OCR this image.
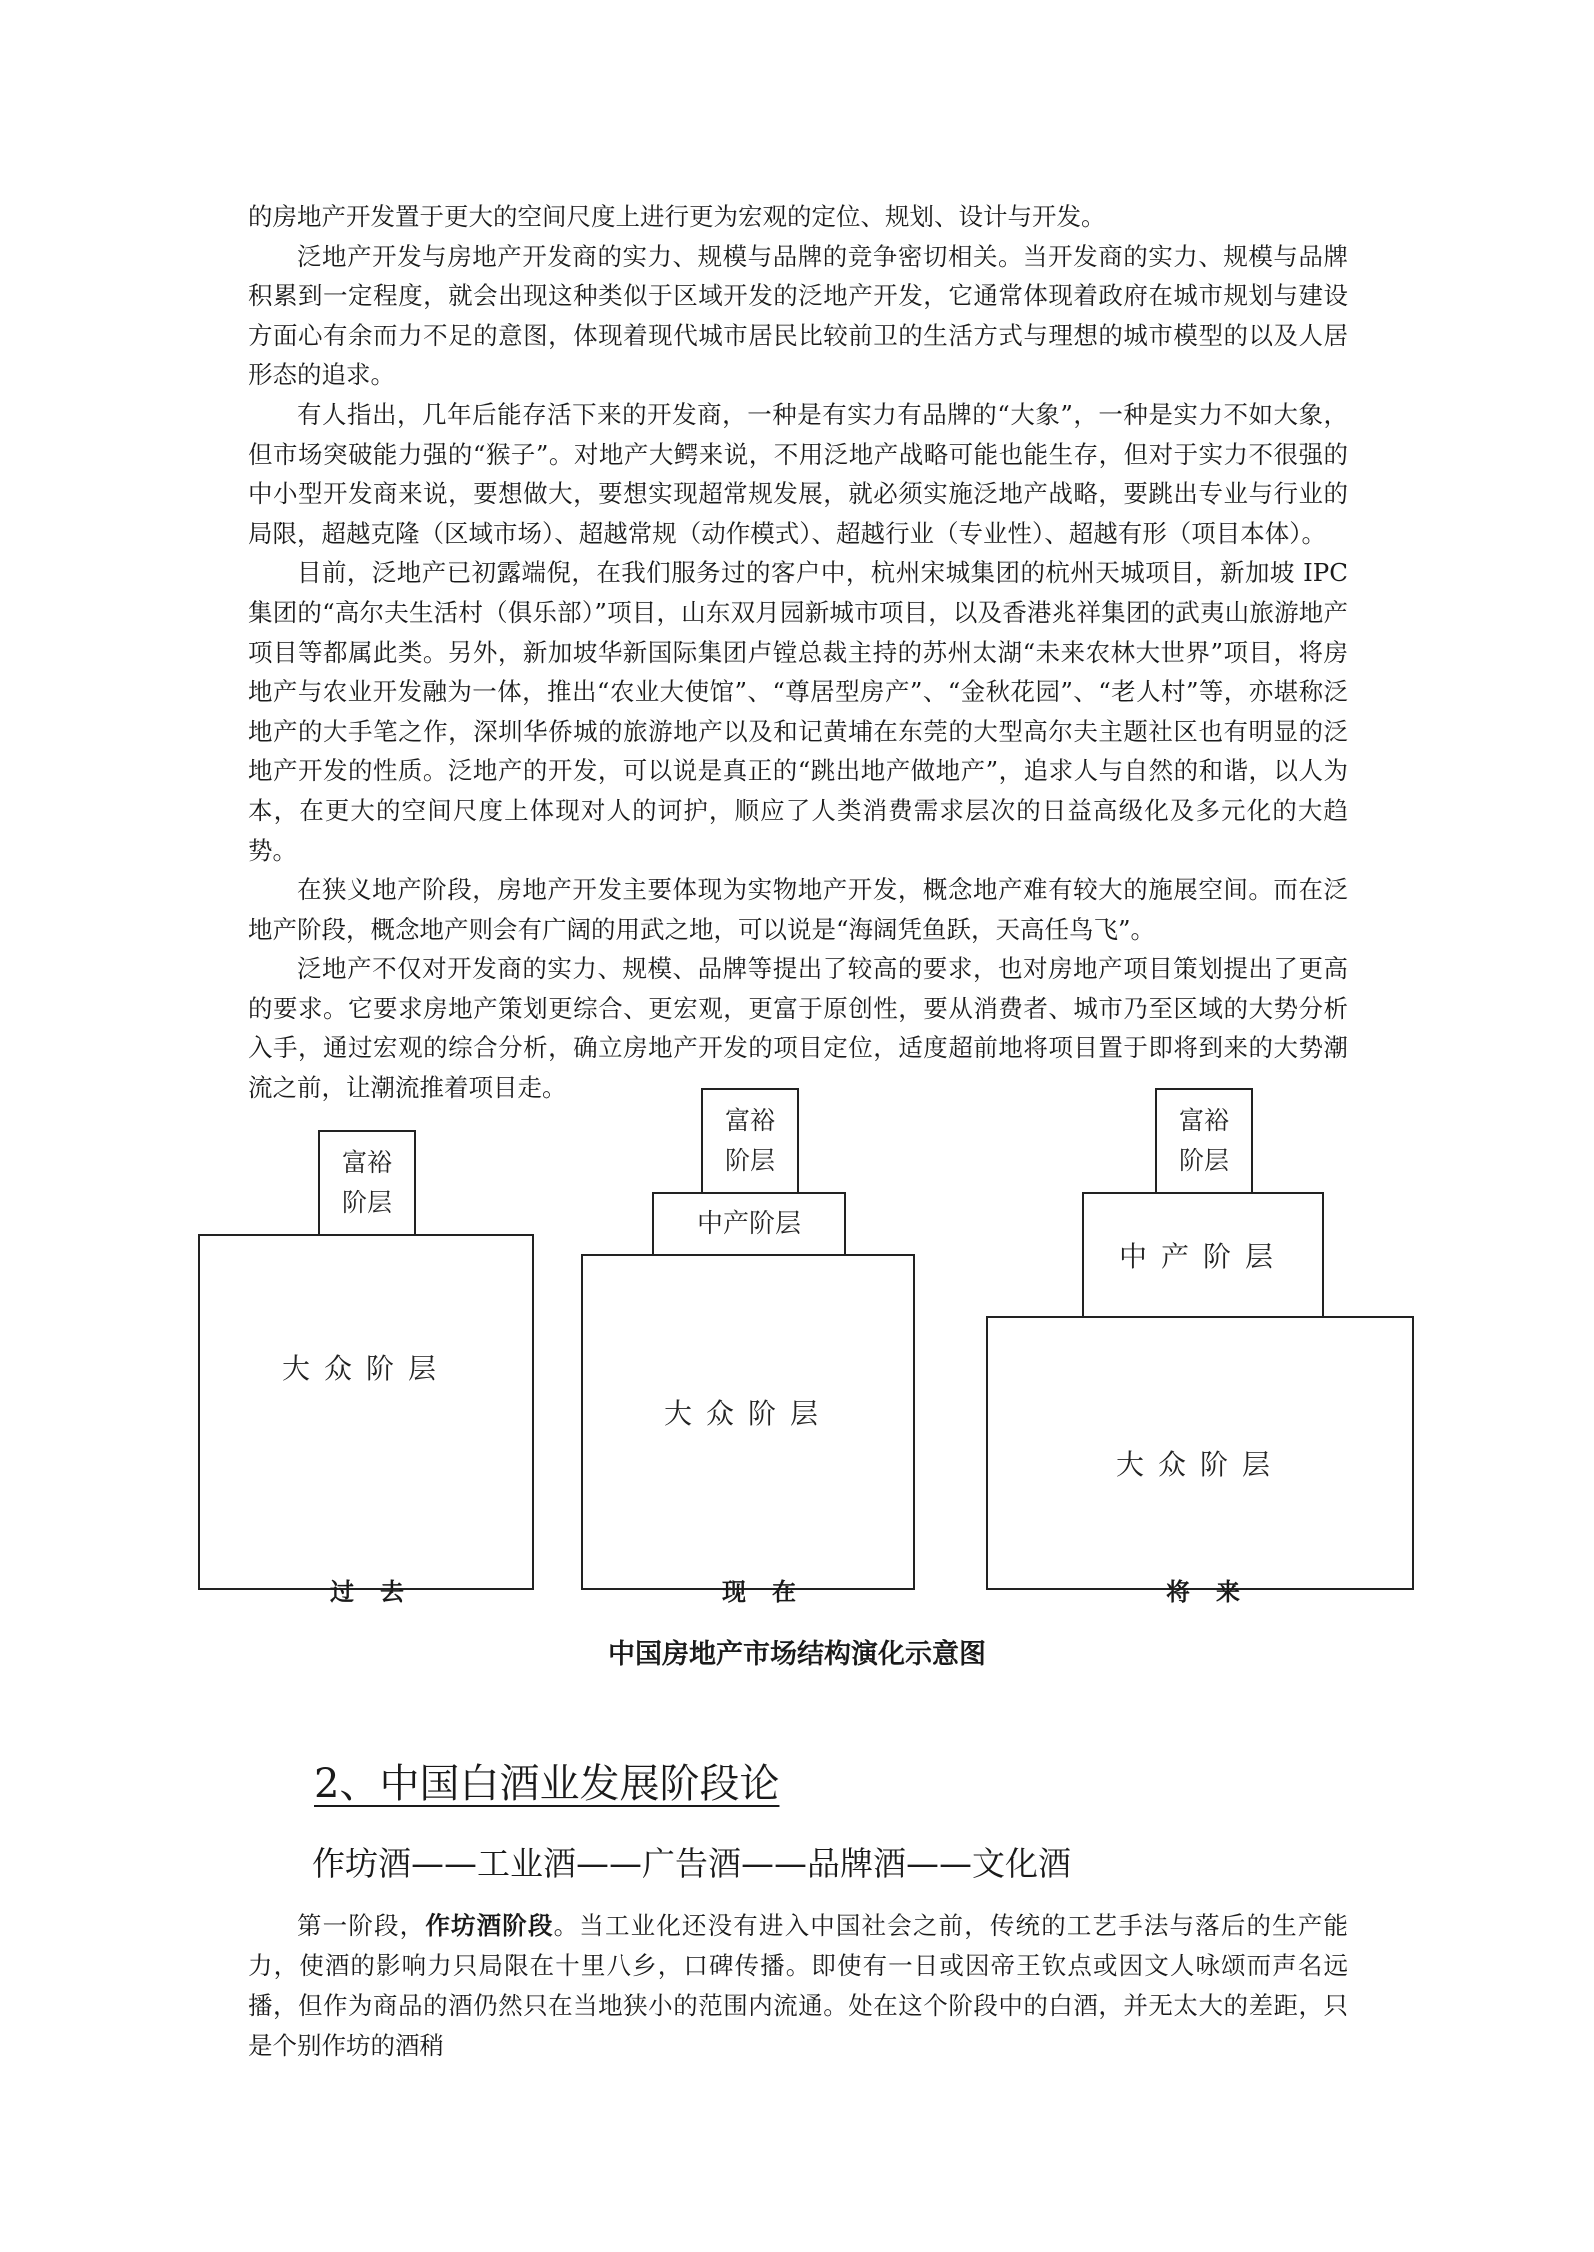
的房地产开发置于更大的空间尺度上进行更为宏观的定位、规划、设计与开发。

泛地产开发与房地产开发商的实力、规模与品牌的竞争密切相关。当开发商的实力、规模与品牌积累到一定程度，就会出现这种类似于区域开发的泛地产开发，它通常体现着政府在城市规划与建设方面心有余而力不足的意图，体现着现代城市居民比较前卫的生活方式与理想的城市模型的以及人居形态的追求。

有人指出，几年后能存活下来的开发商，一种是有实力有品牌的“大象”，一种是实力不如大象，但市场突破能力强的“猴子”。对地产大鳄来说，不用泛地产战略可能也能生存，但对于实力不很强的中小型开发商来说，要想做大，要想实现超常规发展，就必须实施泛地产战略，要跳出专业与行业的局限，超越克隆（区域市场）、超越常规（动作模式）、超越行业（专业性）、超越有形（项目本体）。

目前，泛地产已初露端倪，在我们服务过的客户中，杭州宋城集团的杭州天城项目，新加坡 IPC 集团的“高尔夫生活村（俱乐部）”项目，山东双月园新城市项目，以及香港兆祥集团的武夷山旅游地产项目等都属此类。另外，新加坡华新国际集团卢镗总裁主持的苏州太湖“未来农林大世界”项目，将房地产与农业开发融为一体，推出“农业大使馆”、“尊居型房产”、“金秋花园”、“老人村”等，亦堪称泛地产的大手笔之作，深圳华侨城的旅游地产以及和记黄埔在东莞的大型高尔夫主题社区也有明显的泛地产开发的性质。泛地产的开发，可以说是真正的“跳出地产做地产”，追求人与自然的和谐，以人为本，在更大的空间尺度上体现对人的诃护，顺应了人类消费需求层次的日益高级化及多元化的大趋势。

在狭义地产阶段，房地产开发主要体现为实物地产开发，概念地产难有较大的施展空间。而在泛地产阶段，概念地产则会有广阔的用武之地，可以说是“海阔凭鱼跃，天高任鸟飞”。

泛地产不仅对开发商的实力、规模、品牌等提出了较高的要求，也对房地产项目策划提出了更高的要求。它要求房地产策划更综合、更宏观，更富于原创性，要从消费者、城市乃至区域的大势分析入手，通过宏观的综合分析，确立房地产开发的项目定位，适度超前地将项目置于即将到来的大势潮流之前，让潮流推着项目走。

富裕阶层
大众阶层
过去
富裕阶层
中产阶层
大众阶层
现在
富裕阶层
中产阶层
大众阶层
将来
中国房地产市场结构演化示意图
2、中国白酒业发展阶段论
作坊酒——工业酒——广告酒——品牌酒——文化酒

第一阶段，作坊酒阶段。当工业化还没有进入中国社会之前，传统的工艺手法与落后的生产能力，使酒的影响力只局限在十里八乡，口碑传播。即使有一日或因帝王钦点或因文人咏颂而声名远播，但作为商品的酒仍然只在当地狭小的范围内流通。处在这个阶段中的白酒，并无太大的差距，只是个别作坊的酒稍
